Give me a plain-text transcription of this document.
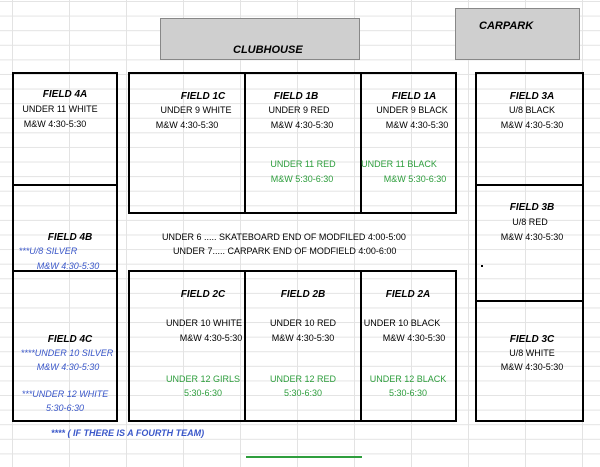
CLUBHOUSE
CARPARK
FIELD 4A
UNDER 11 WHITE
M&W 4:30-5:30
FIELD 4B
***U/8 SILVER
M&W 4:30-5:30
FIELD 4C
****UNDER 10 SILVER
M&W 4:30-5:30
***UNDER 12 WHITE
5:30-6:30
FIELD 1C
UNDER 9 WHITE
M&W 4:30-5:30
FIELD 1B
UNDER 9 RED
M&W 4:30-5:30
UNDER 11 RED
M&W 5:30-6:30
FIELD 1A
UNDER 9 BLACK
M&W 4:30-5:30
UNDER 11 BLACK
M&W 5:30-6:30
UNDER 6 ..... SKATEBOARD END OF MODFILED 4:00-5:00
UNDER 7..... CARPARK END OF MODFIELD 4:00-6:00
FIELD 2C
UNDER 10 WHITE
M&W 4:30-5:30
UNDER 12 GIRLS
5:30-6:30
FIELD 2B
UNDER 10 RED
M&W 4:30-5:30
UNDER 12 RED
5:30-6:30
FIELD 2A
UNDER 10 BLACK
M&W 4:30-5:30
UNDER 12 BLACK
5:30-6:30
FIELD 3A
U/8 BLACK
M&W 4:30-5:30
FIELD 3B
U/8 RED
M&W 4:30-5:30
FIELD 3C
U/8 WHITE
M&W 4:30-5:30
**** ( IF THERE IS A FOURTH TEAM)
